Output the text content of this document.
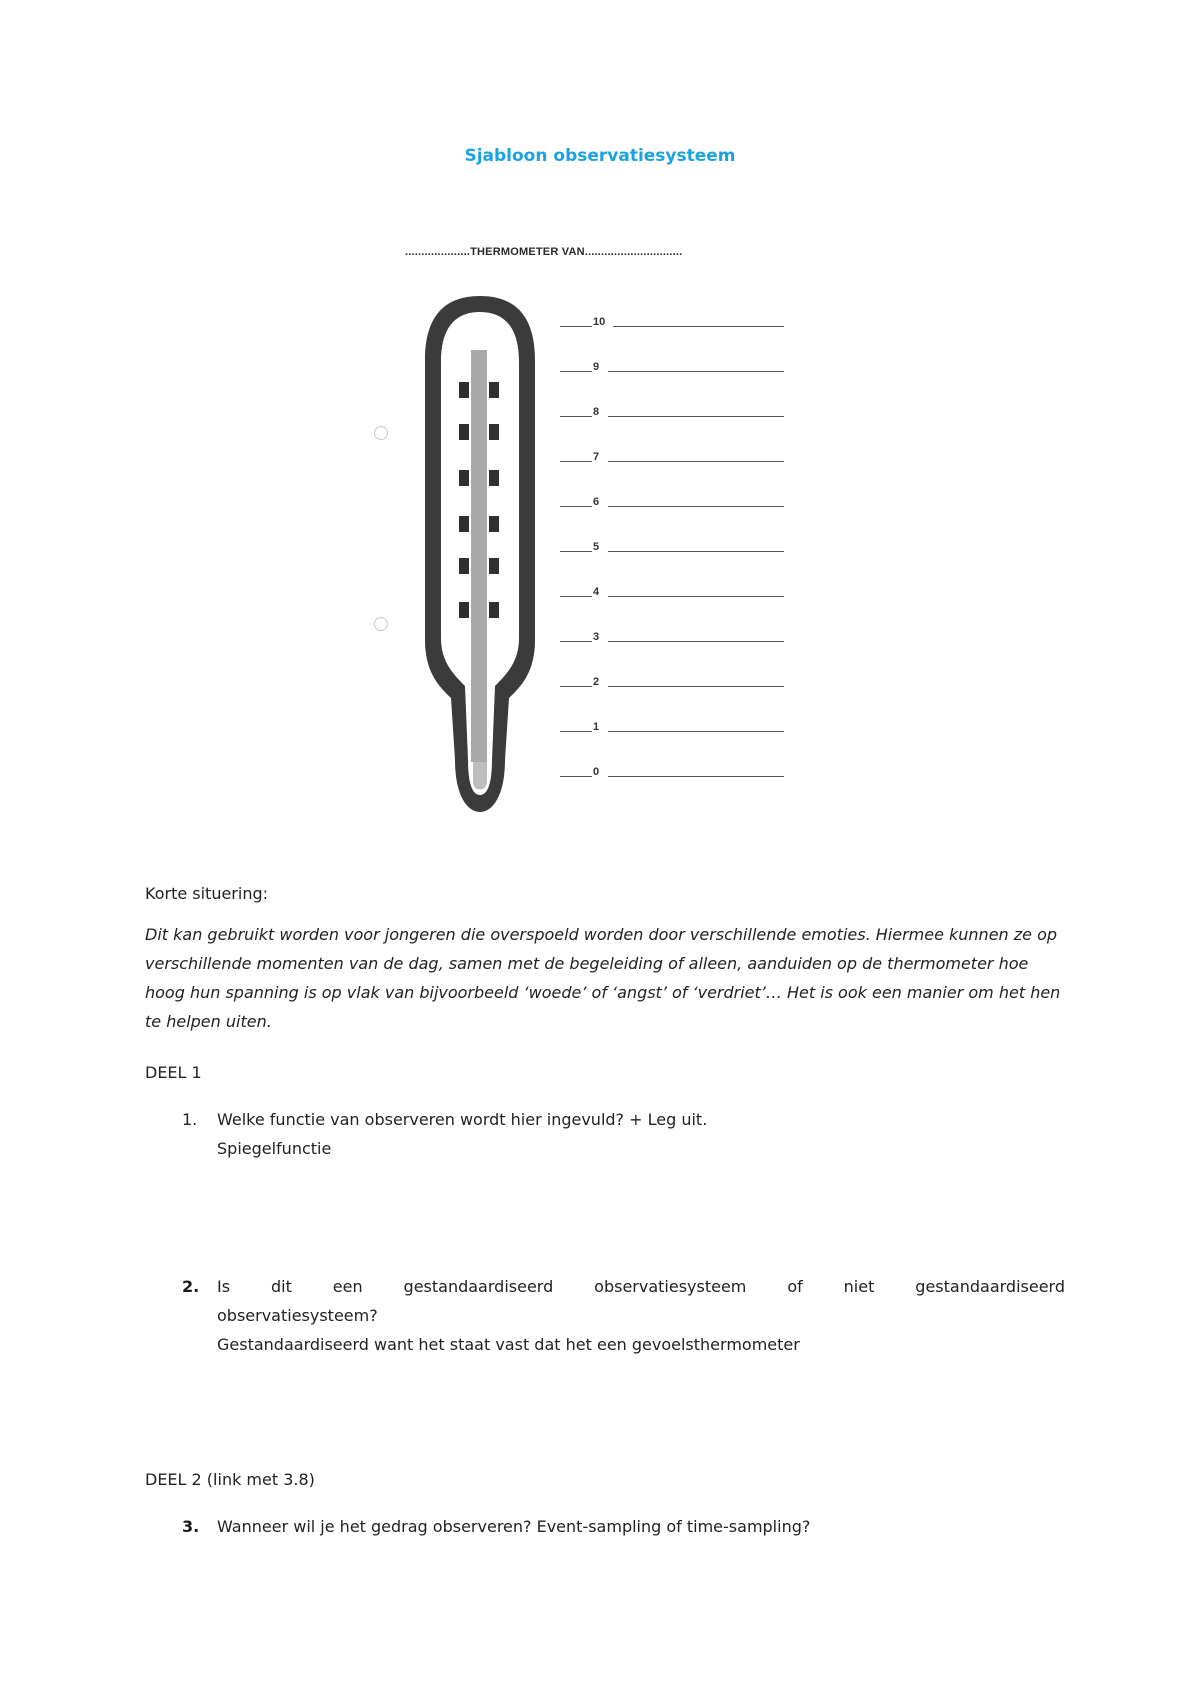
Sjabloon observatiesysteem
....................THERMOMETER VAN..............................
10
9
8
7
6
5
4
3
2
1
0
Korte situering:
Dit kan gebruikt worden voor jongeren die overspoeld worden door verschillende emoties. Hiermee kunnen ze op verschillende momenten van de dag, samen met de begeleiding of alleen, aanduiden op de thermometer hoe hoog hun spanning is op vlak van bijvoorbeeld ‘woede’ of ‘angst’ of ‘verdriet’… Het is ook een manier om het hen te helpen uiten.
DEEL 1
1. Welke functie van observeren wordt hier ingevuld? + Leg uit.
Spiegelfunctie
2. Is dit een gestandaardiseerd observatiesysteem of niet gestandaardiseerd
observatiesysteem?
Gestandaardiseerd want het staat vast dat het een gevoelsthermometer
DEEL 2 (link met 3.8)
3. Wanneer wil je het gedrag observeren? Event-sampling of time-sampling?
